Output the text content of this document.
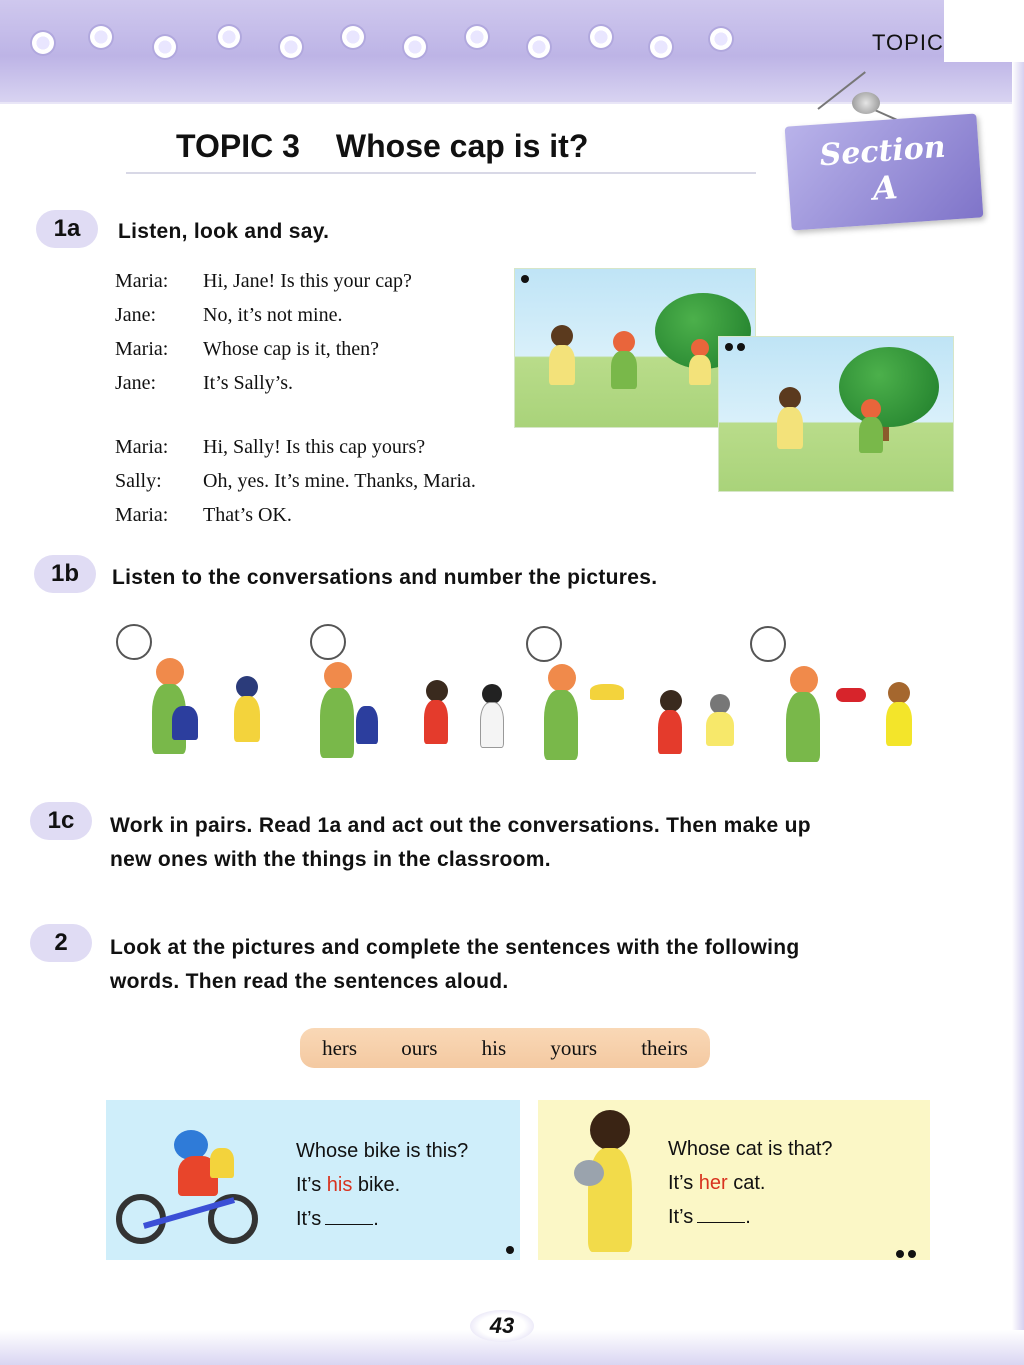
TOPIC
TOPIC 3 Whose cap is it?	Section
A
1a	Listen, look and say.
Maria:	Hi, Jane! Is this your cap?
Jane:	No, it’s not mine.
Maria:	Whose cap is it, then?
Jane:	It’s Sally’s.
Maria:	Hi, Sally! Is this cap yours?
Sally:	Oh, yes. It’s mine. Thanks, Maria.
Maria:	That’s OK.
1b	Listen to the conversations and number the pictures.
1c	Work in pairs. Read 1a and act out the conversations. Then make up
new ones with the things in the classroom.
2	Look at the pictures and complete the sentences with the following
words. Then read the sentences aloud.
hers ours his yours theirs
Whose bike is this?
It’s his bike.
It’s	.
Whose cat is that?
It’s her cat.
It’s	.
43
